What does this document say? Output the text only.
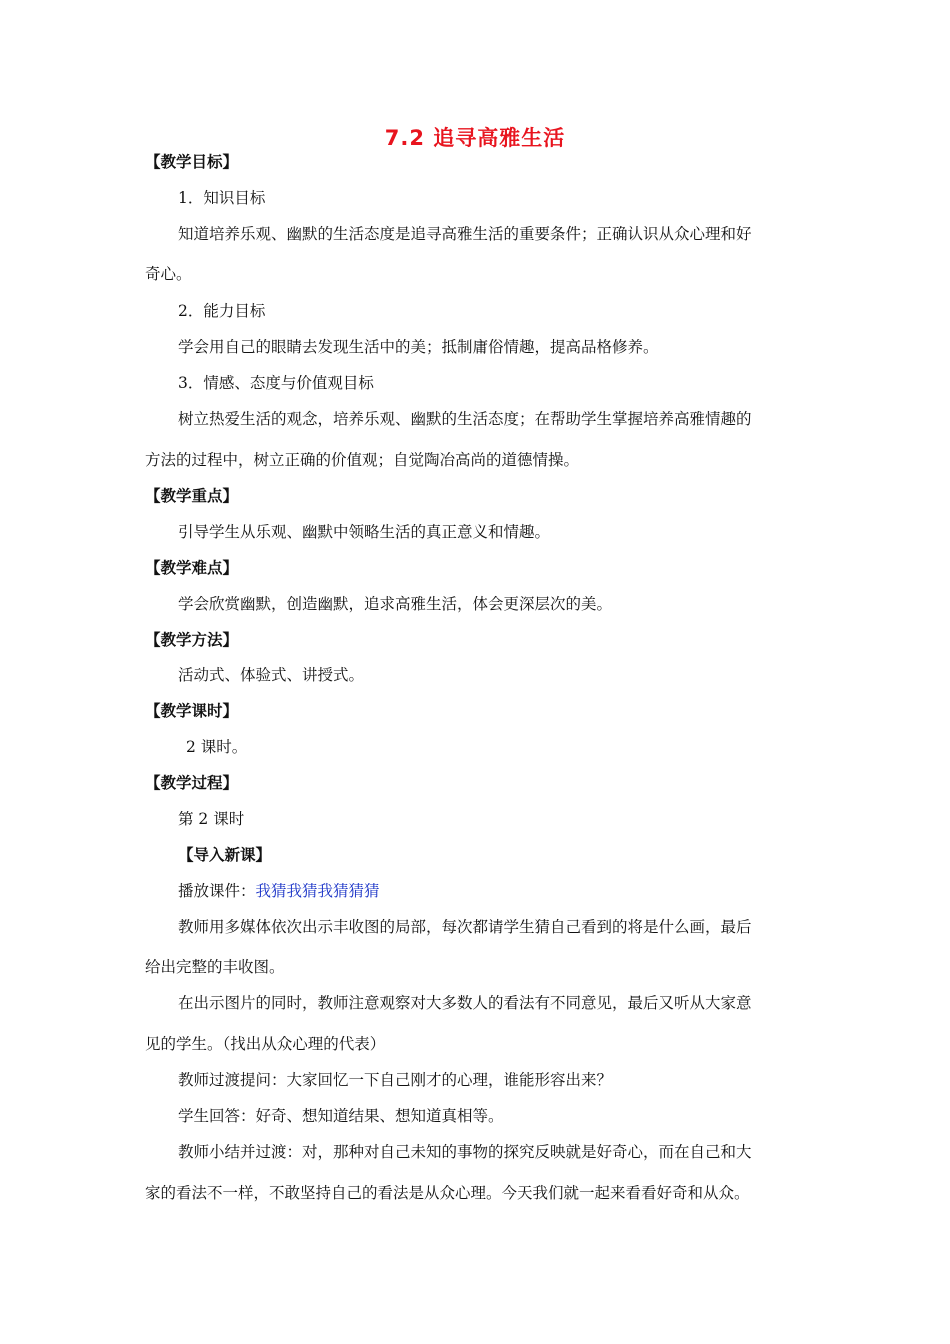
7.2 追寻高雅生活
【教学目标】
1．知识目标
知道培养乐观、幽默的生活态度是追寻高雅生活的重要条件；正确认识从众心理和好
奇心。
2．能力目标
学会用自己的眼睛去发现生活中的美；抵制庸俗情趣，提高品格修养。
3．情感、态度与价值观目标
树立热爱生活的观念，培养乐观、幽默的生活态度；在帮助学生掌握培养高雅情趣的
方法的过程中，树立正确的价值观；自觉陶冶高尚的道德情操。
【教学重点】
引导学生从乐观、幽默中领略生活的真正意义和情趣。
【教学难点】
学会欣赏幽默，创造幽默，追求高雅生活，体会更深层次的美。
【教学方法】
活动式、体验式、讲授式。
【教学课时】
2 课时。
【教学过程】
第 2 课时
【导入新课】
播放课件：我猜我猜我猜猜猜
教师用多媒体依次出示丰收图的局部，每次都请学生猜自己看到的将是什么画，最后
给出完整的丰收图。
在出示图片的同时，教师注意观察对大多数人的看法有不同意见，最后又听从大家意
见的学生。（找出从众心理的代表）
教师过渡提问：大家回忆一下自己刚才的心理，谁能形容出来？
学生回答：好奇、想知道结果、想知道真相等。
教师小结并过渡：对，那种对自己未知的事物的探究反映就是好奇心，而在自己和大
家的看法不一样，不敢坚持自己的看法是从众心理。今天我们就一起来看看好奇和从众。
